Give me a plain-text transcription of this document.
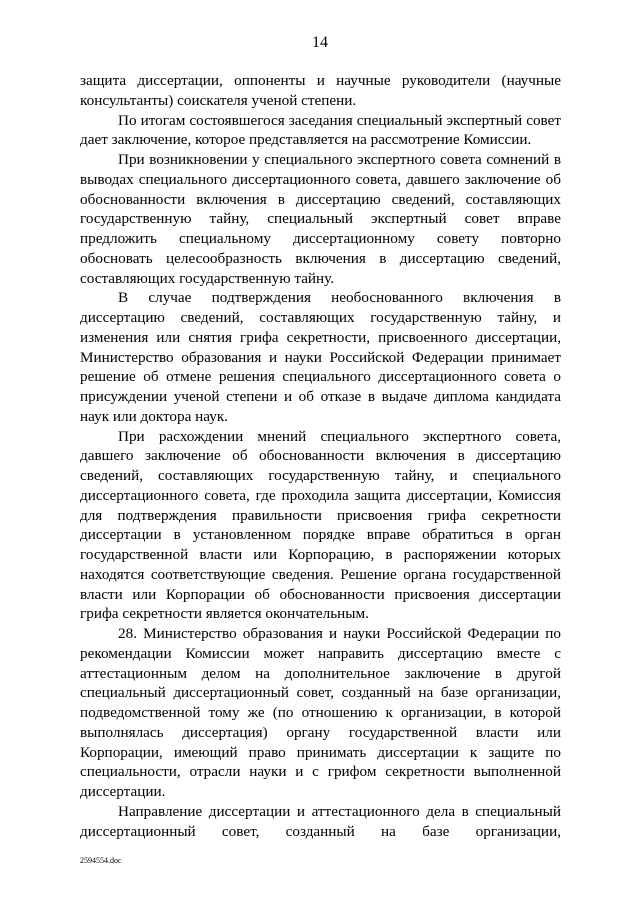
14

защита диссертации, оппоненты и научные руководители (научные консультанты) соискателя ученой степени.

По итогам состоявшегося заседания специальный экспертный совет дает заключение, которое представляется на рассмотрение Комиссии.

При возникновении у специального экспертного совета сомнений в выводах специального диссертационного совета, давшего заключение об обоснованности включения в диссертацию сведений, составляющих государственную тайну, специальный экспертный совет вправе предложить специальному диссертационному совету повторно обосновать целесообразность включения в диссертацию сведений, составляющих государственную тайну.

В случае подтверждения необоснованного включения в диссертацию сведений, составляющих государственную тайну, и изменения или снятия грифа секретности, присвоенного диссертации, Министерство образования и науки Российской Федерации принимает решение об отмене решения специального диссертационного совета о присуждении ученой степени и об отказе в выдаче диплома кандидата наук или доктора наук.

При расхождении мнений специального экспертного совета, давшего заключение об обоснованности включения в диссертацию сведений, составляющих государственную тайну, и специального диссертационного совета, где проходила защита диссертации, Комиссия для подтверждения правильности присвоения грифа секретности диссертации в установленном порядке вправе обратиться в орган государственной власти или Корпорацию, в распоряжении которых находятся соответствующие сведения. Решение органа государственной власти или Корпорации об обоснованности присвоения диссертации грифа секретности является окончательным.

28. Министерство образования и науки Российской Федерации по рекомендации Комиссии может направить диссертацию вместе с аттестационным делом на дополнительное заключение в другой специальный диссертационный совет, созданный на базе организации, подведомственной тому же (по отношению к организации, в которой выполнялась диссертация) органу государственной власти или Корпорации, имеющий право принимать диссертации к защите по специальности, отрасли науки и с грифом секретности выполненной диссертации.

Направление диссертации и аттестационного дела в специальный диссертационный совет, созданный на базе организации,

2594554.doc
